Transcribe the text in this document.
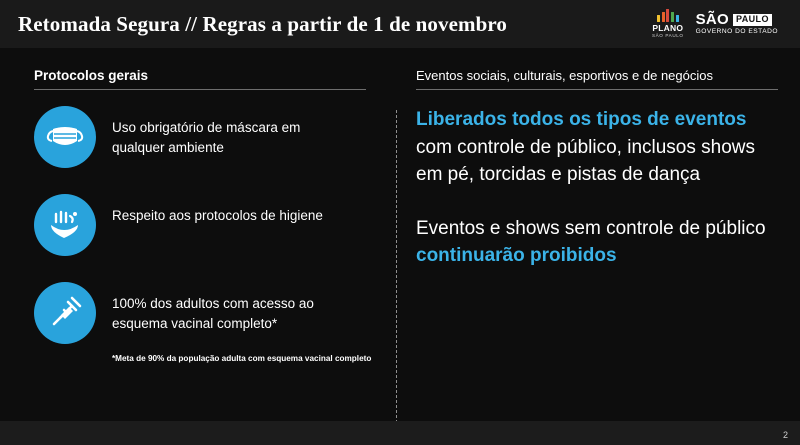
Retomada Segura // Regras a partir de 1 de novembro	PLANO
SÃO PAULO
SÃO PAULO
GOVERNO DO ESTADO
Protocolos gerais
Uso obrigatório de máscara em qualquer ambiente
Respeito aos protocolos de higiene
100% dos adultos com acesso ao esquema vacinal completo*
*Meta de 90% da população adulta com esquema vacinal completo
Eventos sociais, culturais, esportivos e de negócios
Liberados todos os tipos de eventos com controle de público, inclusos shows em pé, torcidas e pistas de dança
Eventos e shows sem controle de público continuarão proibidos
2
